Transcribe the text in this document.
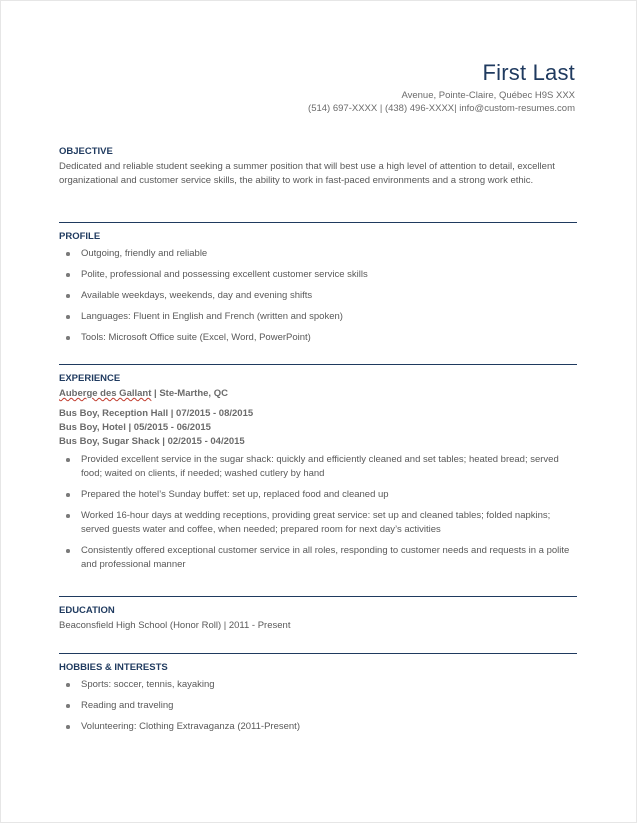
First Last
Avenue, Pointe-Claire, Québec H9S XXX
(514) 697-XXXX | (438) 496-XXXX| info@custom-resumes.com
OBJECTIVE
Dedicated and reliable student seeking a summer position that will best use a high level of attention to detail, excellent organizational and customer service skills, the ability to work in fast-paced environments and a strong work ethic.
PROFILE
Outgoing, friendly and reliable
Polite, professional and possessing excellent customer service skills
Available weekdays, weekends, day and evening shifts
Languages: Fluent in English and French (written and spoken)
Tools: Microsoft Office suite (Excel, Word, PowerPoint)
EXPERIENCE
Auberge des Gallant | Ste-Marthe, QC
Bus Boy, Reception Hall | 07/2015 - 08/2015
Bus Boy, Hotel | 05/2015 - 06/2015
Bus Boy, Sugar Shack | 02/2015 - 04/2015
Provided excellent service in the sugar shack: quickly and efficiently cleaned and set tables; heated bread; served food; waited on clients, if needed; washed cutlery by hand
Prepared the hotel’s Sunday buffet: set up, replaced food and cleaned up
Worked 16-hour days at wedding receptions, providing great service: set up and cleaned tables; folded napkins; served guests water and coffee, when needed; prepared room for next day’s activities
Consistently offered exceptional customer service in all roles, responding to customer needs and requests in a polite and professional manner
EDUCATION
Beaconsfield High School (Honor Roll) | 2011 - Present
HOBBIES & INTERESTS
Sports: soccer, tennis, kayaking
Reading and traveling
Volunteering: Clothing Extravaganza (2011-Present)
